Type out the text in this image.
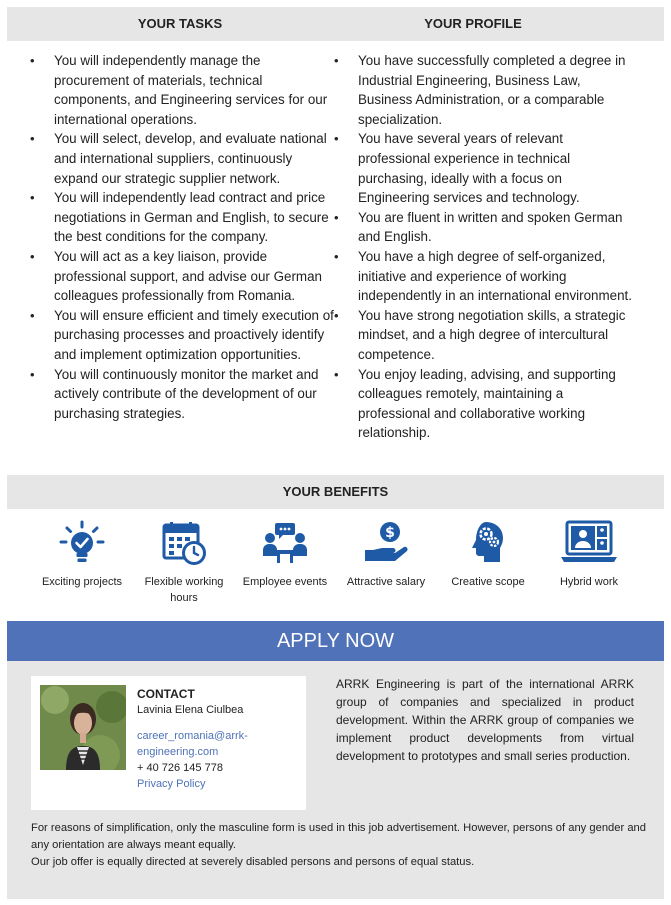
YOUR TASKS	YOUR PROFILE
• You will independently manage the procurement of materials, technical components, and Engineering services for our international operations.
• You will select, develop, and evaluate national and international suppliers, continuously expand our strategic supplier network.
• You will independently lead contract and price negotiations in German and English, to secure the best conditions for the company.
• You will act as a key liaison, provide professional support, and advise our German colleagues professionally from Romania.
• You will ensure efficient and timely execution of purchasing processes and proactively identify and implement optimization opportunities.
• You will continuously monitor the market and actively contribute of the development of our purchasing strategies.
• You have successfully completed a degree in Industrial Engineering, Business Law, Business Administration, or a comparable specialization.
• You have several years of relevant professional experience in technical purchasing, ideally with a focus on Engineering services and technology.
• You are fluent in written and spoken German and English.
• You have a high degree of self-organized, initiative and experience of working independently in an international environment.
• You have strong negotiation skills, a strategic mindset, and a high degree of intercultural competence.
• You enjoy leading, advising, and supporting colleagues remotely, maintaining a professional and collaborative working relationship.
YOUR BENEFITS
Exciting projects	Flexible working hours
Employee events
$
Attractive salary	Creative scope	Hybrid work
APPLY NOW
CONTACT
Lavinia Elena Ciulbea
career_romania@arrk-
engineering.com
+ 40 726 145 778
Privacy Policy
ARRK Engineering is part of the international ARRK group of companies and specialized in product development. Within the ARRK group of companies we implement product developments from virtual development to prototypes and small series production.

For reasons of simplification, only the masculine form is used in this job advertisement. However, persons of any gender and any orientation are always meant equally.

Our job offer is equally directed at severely disabled persons and persons of equal status.
